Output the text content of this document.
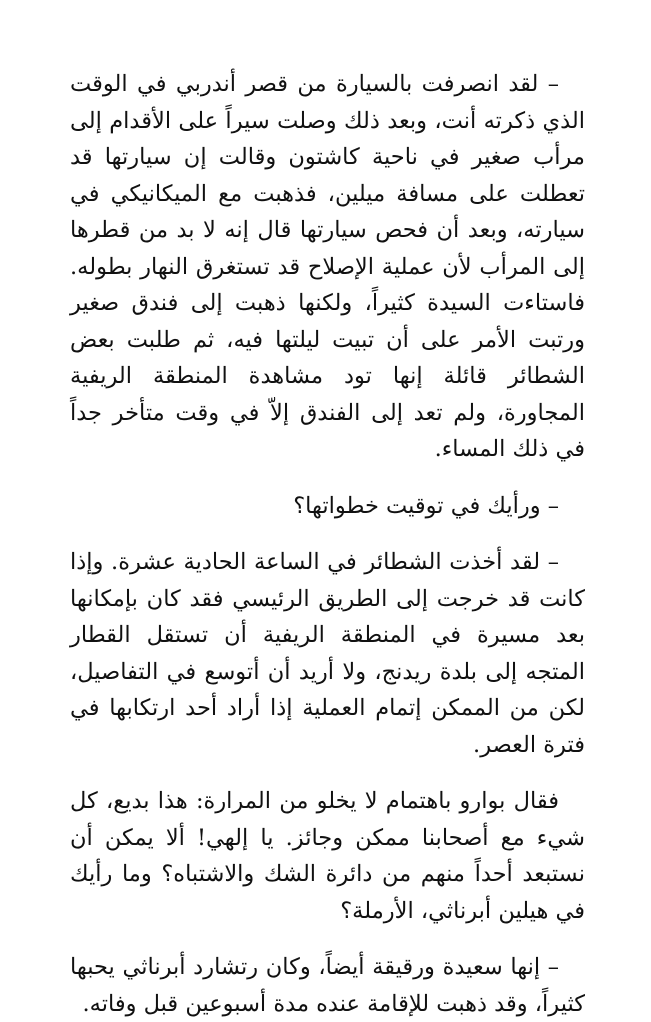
– لقد انصرفت بالسيارة من قصر أندربي في الوقت الذي ذكرته أنت، وبعد ذلك وصلت سيراً على الأقدام إلى مرأب صغير في ناحية كاشتون وقالت إن سيارتها قد تعطلت على مسافة ميلين، فذهبت مع الميكانيكي في سيارته، وبعد أن فحص سيارتها قال إنه لا بد من قطرها إلى المرأب لأن عملية الإصلاح قد تستغرق النهار بطوله. فاستاءت السيدة كثيراً، ولكنها ذهبت إلى فندق صغير ورتبت الأمر على أن تبيت ليلتها فيه، ثم طلبت بعض الشطائر قائلة إنها تود مشاهدة المنطقة الريفية المجاورة، ولم تعد إلى الفندق إلاّ في وقت متأخر جداً في ذلك المساء.

– ورأيك في توقيت خطواتها؟

– لقد أخذت الشطائر في الساعة الحادية عشرة. وإذا كانت قد خرجت إلى الطريق الرئيسي فقد كان بإمكانها بعد مسيرة في المنطقة الريفية أن تستقل القطار المتجه إلى بلدة ريدنج، ولا أريد أن أتوسع في التفاصيل، لكن من الممكن إتمام العملية إذا أراد أحد ارتكابها في فترة العصر.

فقال بوارو باهتمام لا يخلو من المرارة: هذا بديع، كل شيء مع أصحابنا ممكن وجائز. يا إلهي! ألا يمكن أن نستبعد أحداً منهم من دائرة الشك والاشتباه؟ وما رأيك في هيلين أبرناثي، الأرملة؟

– إنها سعيدة ورقيقة أيضاً، وكان رتشارد أبرناثي يحبها كثيراً، وقد ذهبت للإقامة عنده مدة أسبوعين قبل وفاته.
